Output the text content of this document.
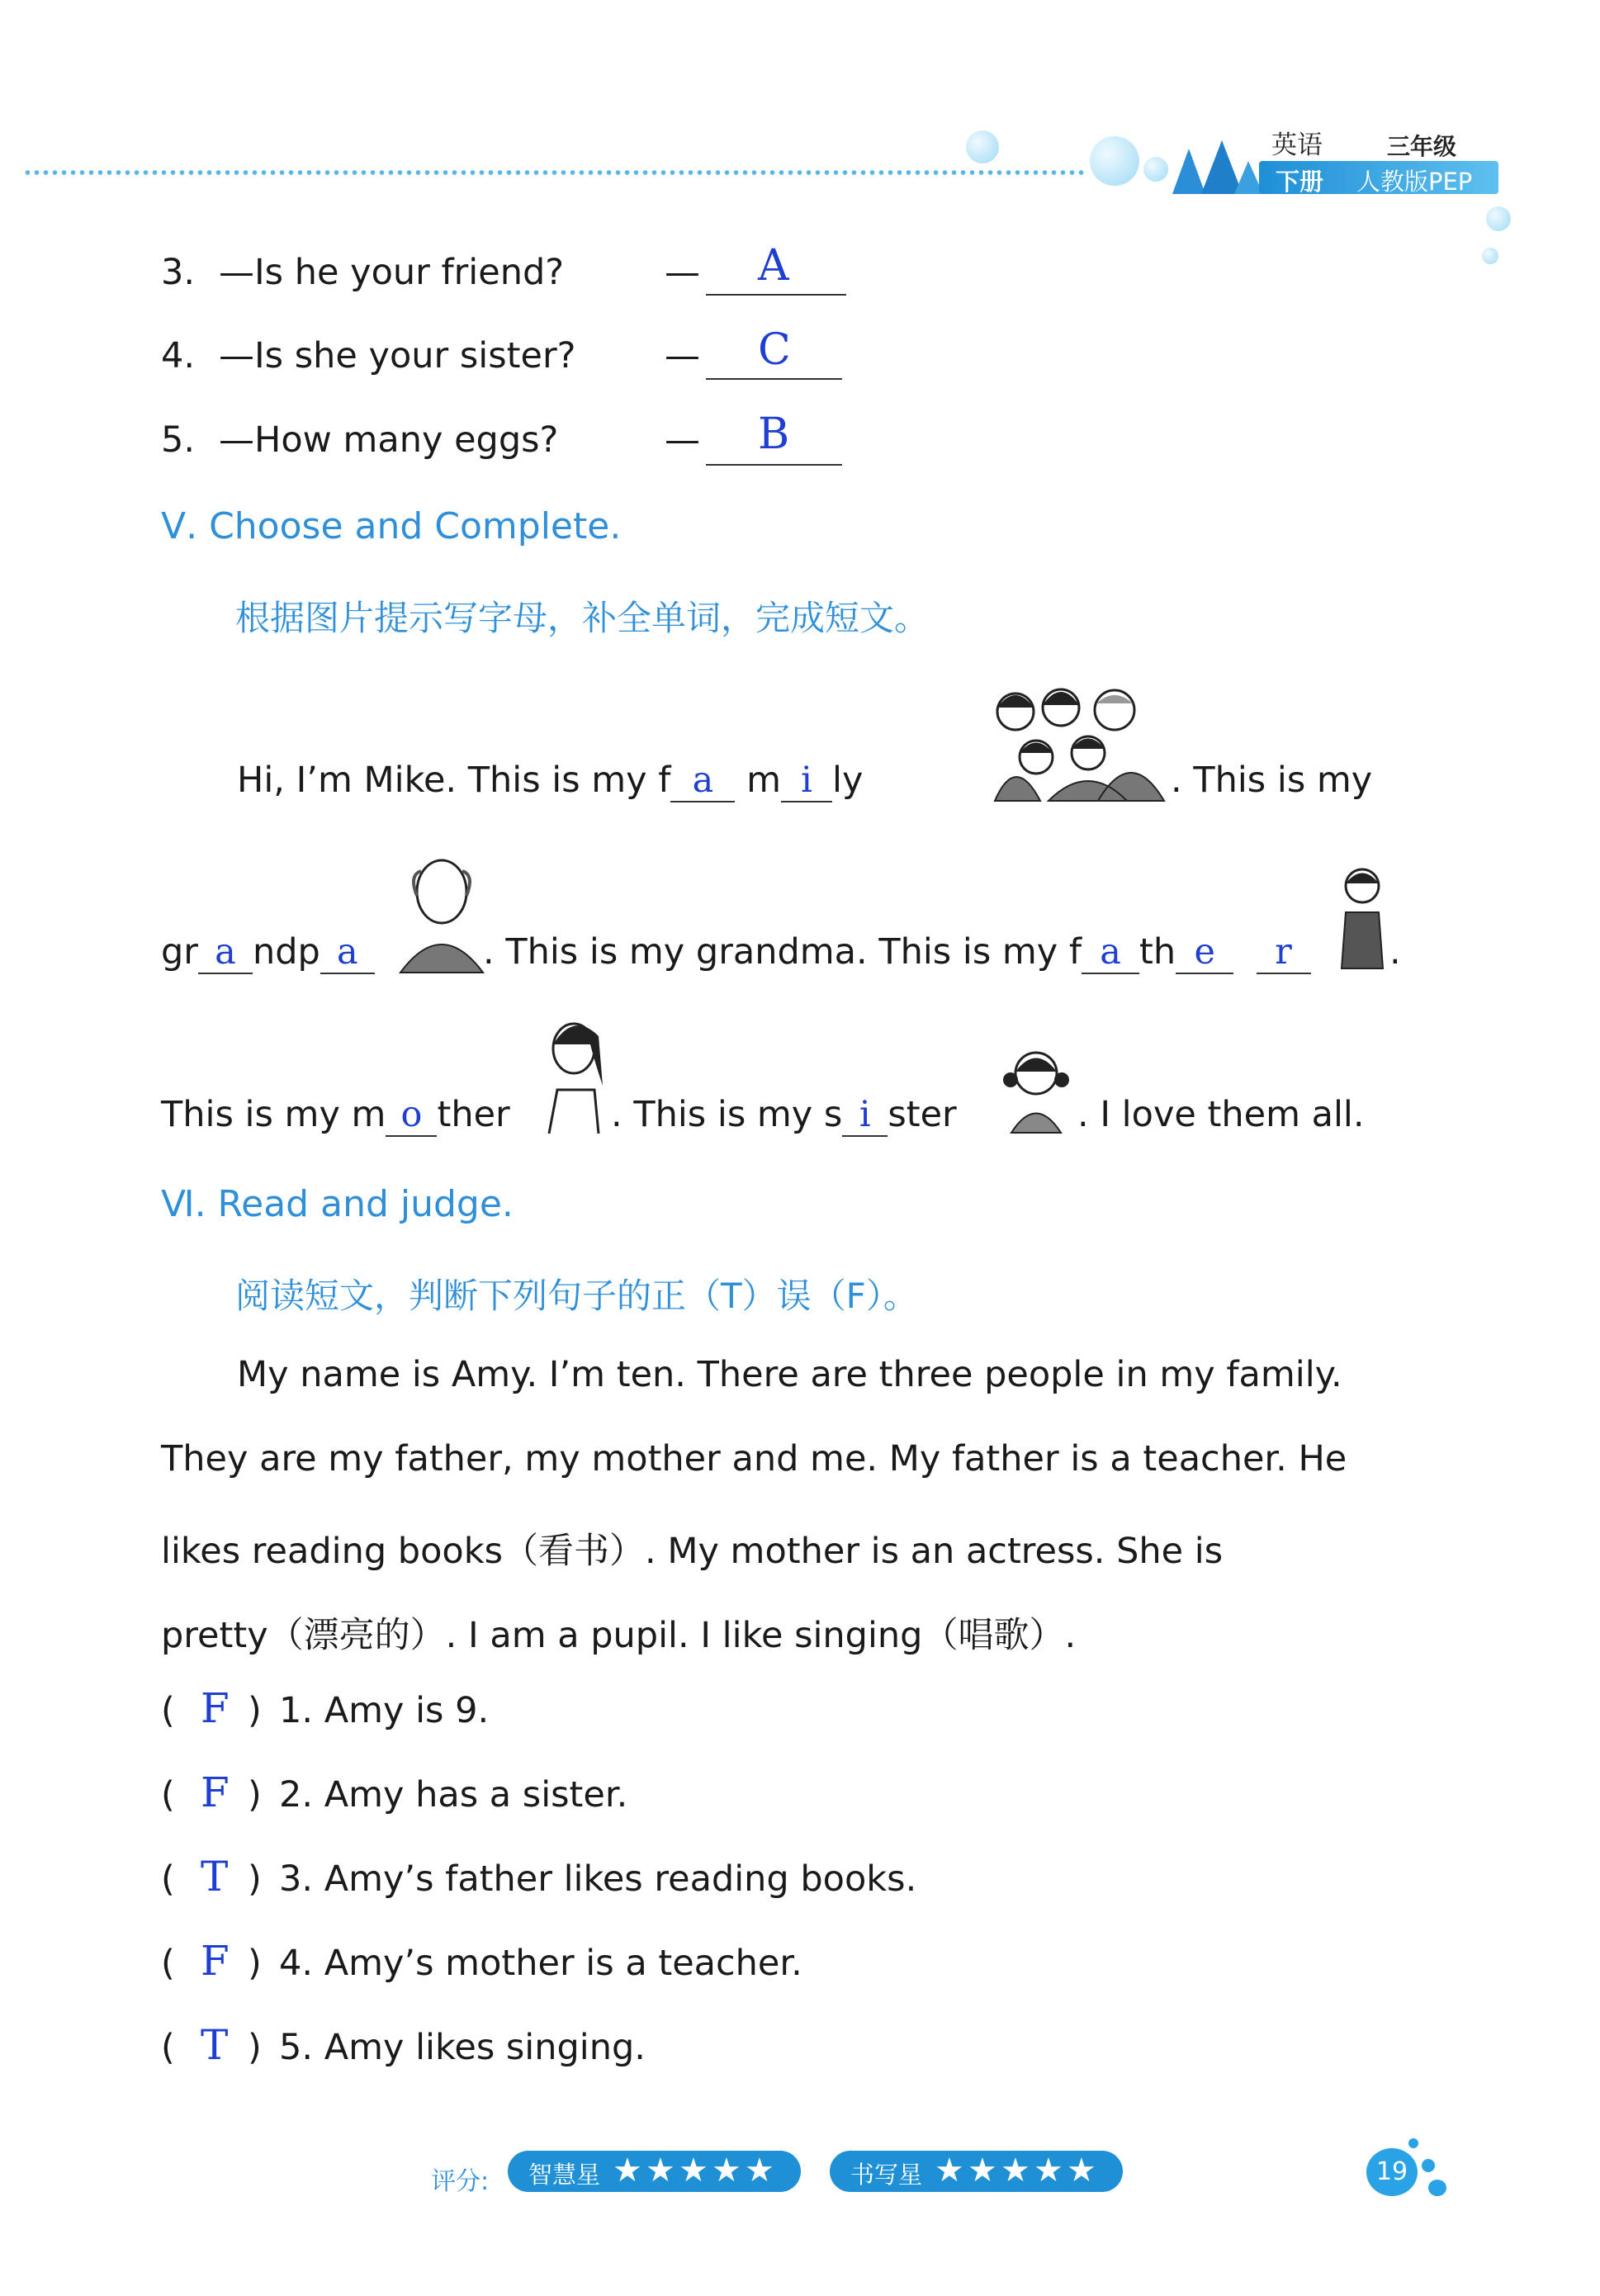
英语	三年级
下册 人教版PEP
3. —Is he your friend?	— A
4. —Is she your sister?	— C
5. —How many eggs?	— B
Ⅴ. Choose and Complete.
根据图片提示写字母，补全单词，完成短文。
Hi, I’m Mike. This is my f a m i ly	. This is my
gr a ndp a	. This is my grandma. This is my f a th e r	.
This is my m o ther	. This is my s i ster	. I love them all.
Ⅵ. Read and judge.
阅读短文，判断下列句子的正（T）误（F）。
My name is Amy. I’m ten. There are three people in my family.
They are my father, my mother and me. My father is a teacher. He
likes reading books（看书）. My mother is an actress. She is
pretty（漂亮的）. I am a pupil. I like singing（唱歌）.
( F ) 1. Amy is 9.
( F ) 2. Amy has a sister.
( T ) 3. Amy’s father likes reading books.
( F ) 4. Amy’s mother is a teacher.
( T ) 5. Amy likes singing.
评分: 智慧星 ★ ★ ★ ★ ★	书写星 ★ ★ ★ ★ ★	19
